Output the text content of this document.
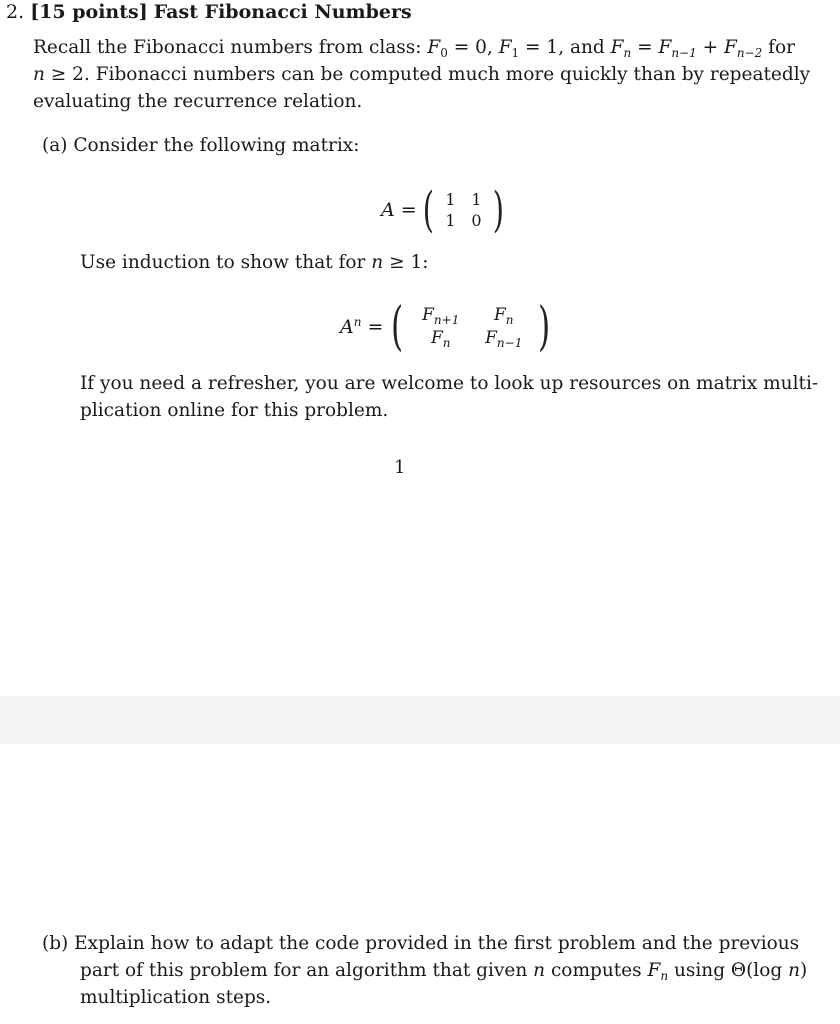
2. [15 points] Fast Fibonacci Numbers
Recall the Fibonacci numbers from class: $F_0 = 0$, $F_1 = 1$, and $F_n = F_{n-1} + F_{n-2}$ for
n ≥ 2. Fibonacci numbers can be computed much more quickly than by repeatedly
evaluating the recurrence relation.
(a) Consider the following matrix:
A = ( 1 1
1 0 )
Use induction to show that for n ≥ 1:
$A^n$ = (	$F_{n+1}$	$F_n$
$F_n$	$F_{n-1}$ )
If you need a refresher, you are welcome to look up resources on matrix multi-
plication online for this problem.
1
(b) Explain how to adapt the code provided in the first problem and the previous
part of this problem for an algorithm that given n computes $F_n$ using Θ(log n)
multiplication steps.
